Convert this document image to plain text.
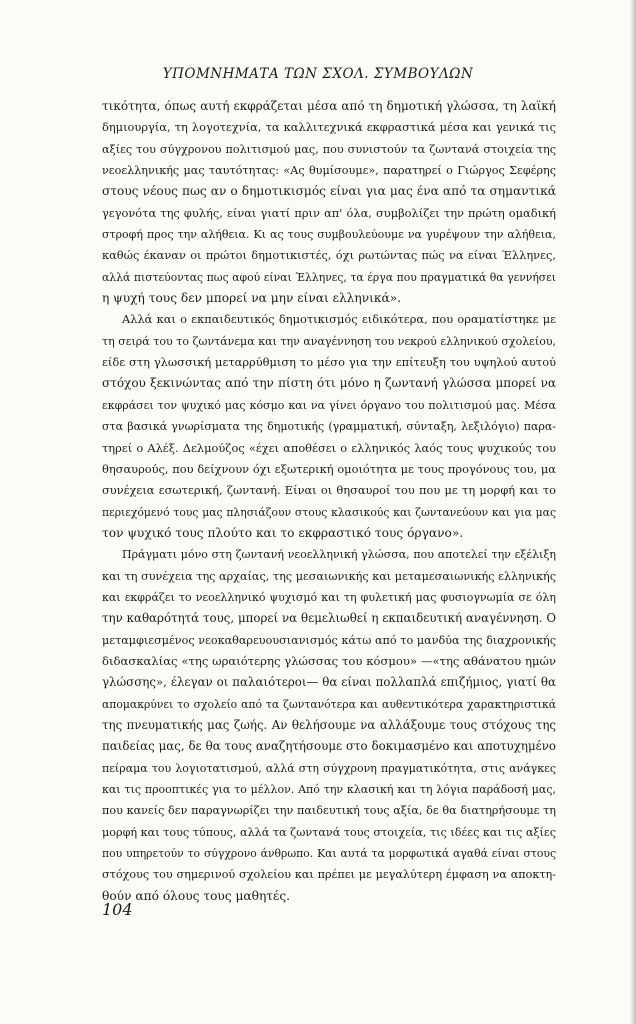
ΥΠΟΜΝΗΜΑΤΑ ΤΩΝ ΣΧΟΛ. ΣΥΜΒΟΥΛΩΝ
τικότητα, όπως αυτή εκφράζεται μέσα από τη δημοτική γλώσσα, τη λαϊκή
δημιουργία, τη λογοτεχνία, τα καλλιτεχνικά εκφραστικά μέσα και γενικά τις
αξίες του σύγχρονου πολιτισμού μας, που συνιστούν τα ζωντανά στοιχεία της
νεοελληνικής μας ταυτότητας: «Ας θυμίσουμε», παρατηρεί ο Γιώργος Σεφέρης
στους νέους πως αν ο δημοτικισμός είναι για μας ένα από τα σημαντικά
γεγονότα της φυλής, είναι γιατί πριν απ' όλα, συμβολίζει την πρώτη ομαδική
στροφή προς την αλήθεια. Κι ας τους συμβουλεύουμε να γυρέψουν την αλήθεια,
καθώς έκαναν οι πρώτοι δημοτικιστές, όχι ρωτώντας πώς να είναι Έλληνες,
αλλά πιστεύοντας πως αφού είναι Έλληνες, τα έργα που πραγματικά θα γεννήσει
η ψυχή τους δεν μπορεί να μην είναι ελληνικά».
Αλλά και ο εκπαιδευτικός δημοτικισμός ειδικότερα, που οραματίστηκε με
τη σειρά του το ζωντάνεμα και την αναγέννηση του νεκρού ελληνικού σχολείου,
είδε στη γλωσσική μεταρρύθμιση το μέσο για την επίτευξη του υψηλού αυτού
στόχου ξεκινώντας από την πίστη ότι μόνο η ζωντανή γλώσσα μπορεί να
εκφράσει τον ψυχικό μας κόσμο και να γίνει όργανο του πολιτισμού μας. Μέσα
στα βασικά γνωρίσματα της δημοτικής (γραμματική, σύνταξη, λεξιλόγιο) παρα-
τηρεί ο Αλέξ. Δελμούζος «έχει αποθέσει ο ελληνικός λαός τους ψυχικούς του
θησαυρούς, που δείχνουν όχι εξωτερική ομοιότητα με τους προγόνους του, μα
συνέχεια εσωτερική, ζωντανή. Είναι οι θησαυροί του που με τη μορφή και το
περιεχόμενό τους μας πλησιάζουν στους κλασικούς και ζωντανεύουν και για μας
τον ψυχικό τους πλούτο και το εκφραστικό τους όργανο».
Πράγματι μόνο στη ζωντανή νεοελληνική γλώσσα, που αποτελεί την εξέλιξη
και τη συνέχεια της αρχαίας, της μεσαιωνικής και μεταμεσαιωνικής ελληνικής
και εκφράζει το νεοελληνικό ψυχισμό και τη φυλετική μας φυσιογνωμία σε όλη
την καθαρότητά τους, μπορεί να θεμελιωθεί η εκπαιδευτική αναγέννηση. Ο
μεταμφιεσμένος νεοκαθαρευουσιανισμός κάτω από το μανδύα της διαχρονικής
διδασκαλίας «της ωραιότερης γλώσσας του κόσμου» —«της αθάνατου ημών
γλώσσης», έλεγαν οι παλαιότεροι— θα είναι πολλαπλά επιζήμιος, γιατί θα
απομακρύνει το σχολείο από τα ζωντανότερα και αυθεντικότερα χαρακτηριστικά
της πνευματικής μας ζωής. Αν θελήσουμε να αλλάξουμε τους στόχους της
παιδείας μας, δε θα τους αναζητήσουμε στο δοκιμασμένο και αποτυχημένο
πείραμα του λογιοτατισμού, αλλά στη σύγχρονη πραγματικότητα, στις ανάγκες
και τις προοπτικές για το μέλλον. Από την κλασική και τη λόγια παράδοσή μας,
που κανείς δεν παραγνωρίζει την παιδευτική τους αξία, δε θα διατηρήσουμε τη
μορφή και τους τύπους, αλλά τα ζωντανά τους στοιχεία, τις ιδέες και τις αξίες
που υπηρετούν το σύγχρονο άνθρωπο. Και αυτά τα μορφωτικά αγαθά είναι στους
στόχους του σημερινού σχολείου και πρέπει με μεγαλύτερη έμφαση να αποκτη-
θούν από όλους τους μαθητές.
104
